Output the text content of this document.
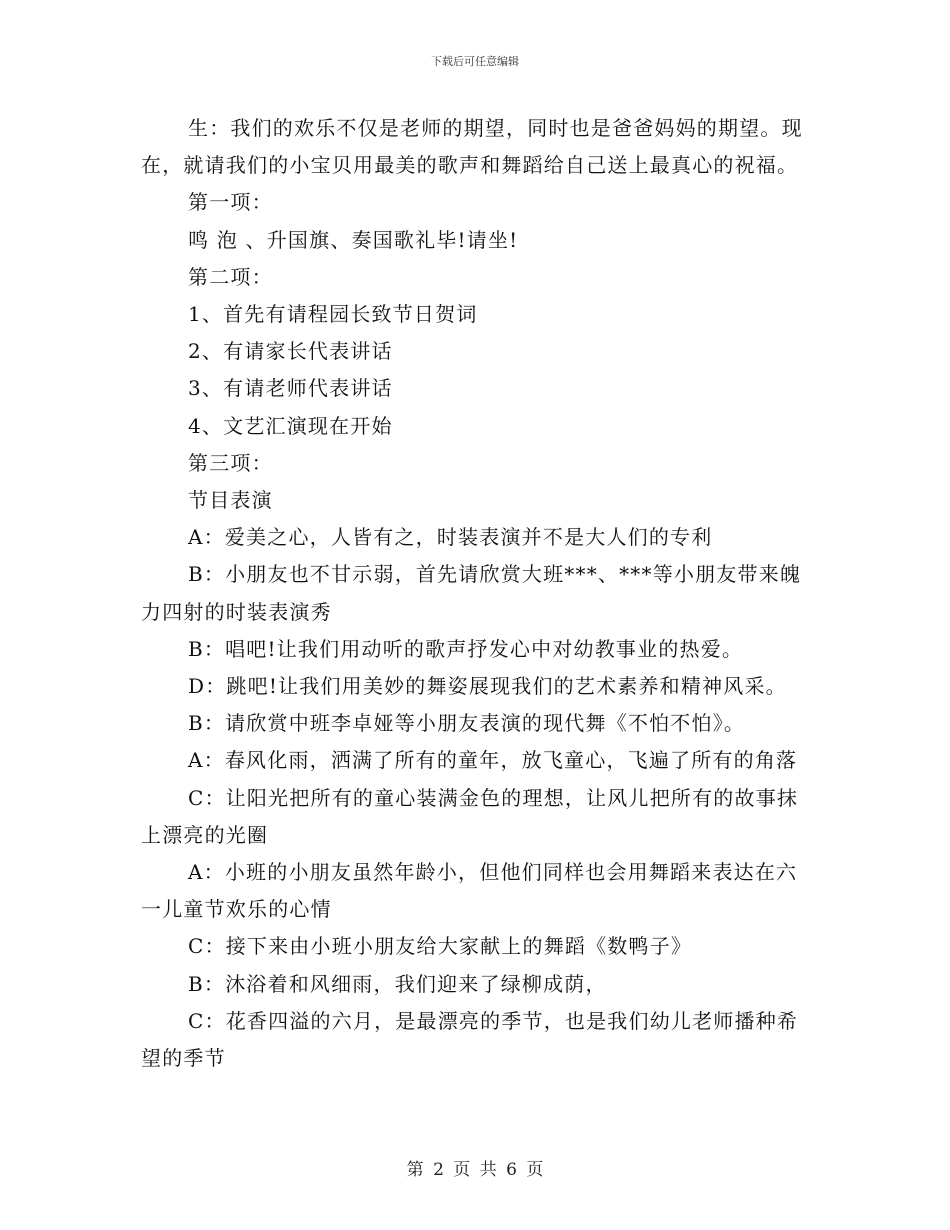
下载后可任意编辑

生：我们的欢乐不仅是老师的期望，同时也是爸爸妈妈的期望。现在，就请我们的小宝贝用最美的歌声和舞蹈给自己送上最真心的祝福。

第一项：

鸣 泡 、升国旗、奏国歌礼毕!请坐!

第二项：

1、首先有请程园长致节日贺词

2、有请家长代表讲话

3、有请老师代表讲话

4、文艺汇演现在开始

第三项：

节目表演

A：爱美之心，人皆有之，时装表演并不是大人们的专利

B：小朋友也不甘示弱，首先请欣赏大班***、***等小朋友带来魄力四射的时装表演秀

B：唱吧!让我们用动听的歌声抒发心中对幼教事业的热爱。

D：跳吧!让我们用美妙的舞姿展现我们的艺术素养和精神风采。

B：请欣赏中班李卓娅等小朋友表演的现代舞《不怕不怕》。

A：春风化雨，洒满了所有的童年，放飞童心，飞遍了所有的角落

C：让阳光把所有的童心装满金色的理想，让风儿把所有的故事抹上漂亮的光圈

A：小班的小朋友虽然年龄小，但他们同样也会用舞蹈来表达在六一儿童节欢乐的心情

C：接下来由小班小朋友给大家献上的舞蹈《数鸭子》

B：沐浴着和风细雨，我们迎来了绿柳成荫，

C：花香四溢的六月，是最漂亮的季节，也是我们幼儿老师播种希望的季节

第 2 页 共 6 页
